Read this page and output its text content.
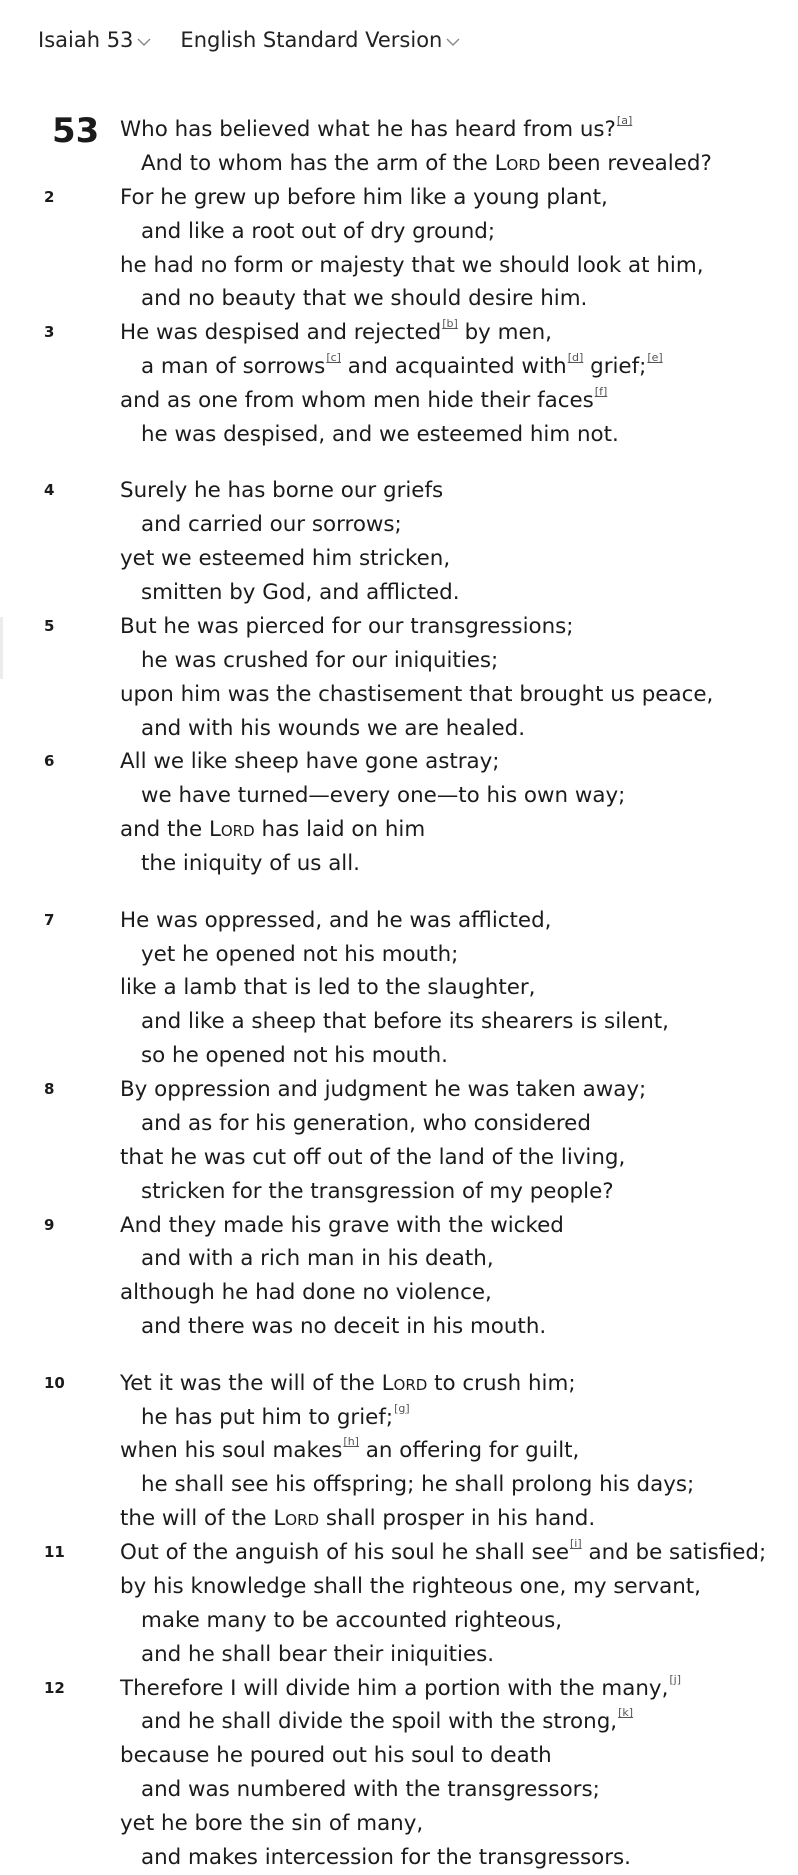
Isaiah 53 English Standard Version
53 Who has believed what he has heard from us?[a]
And to whom has the arm of the Lord been revealed?
2	For he grew up before him like a young plant,
and like a root out of dry ground;
he had no form or majesty that we should look at him,
and no beauty that we should desire him.
3	He was despised and rejected[b] by men,
a man of sorrows[c] and acquainted with[d] grief;[e]
and as one from whom men hide their faces[f]
he was despised, and we esteemed him not.
4	Surely he has borne our griefs
and carried our sorrows;
yet we esteemed him stricken,
smitten by God, and afflicted.
5	But he was pierced for our transgressions;
he was crushed for our iniquities;
upon him was the chastisement that brought us peace,
and with his wounds we are healed.
6	All we like sheep have gone astray;
we have turned—every one—to his own way;
and the Lord has laid on him
the iniquity of us all.
7	He was oppressed, and he was afflicted,
yet he opened not his mouth;
like a lamb that is led to the slaughter,
and like a sheep that before its shearers is silent,
so he opened not his mouth.
8	By oppression and judgment he was taken away;
and as for his generation, who considered
that he was cut off out of the land of the living,
stricken for the transgression of my people?
9	And they made his grave with the wicked
and with a rich man in his death,
although he had done no violence,
and there was no deceit in his mouth.
10	Yet it was the will of the Lord to crush him;
he has put him to grief;[g]
when his soul makes[h] an offering for guilt,
he shall see his offspring; he shall prolong his days;
the will of the Lord shall prosper in his hand.
11	Out of the anguish of his soul he shall see[i] and be satisfied;
by his knowledge shall the righteous one, my servant,
make many to be accounted righteous,
and he shall bear their iniquities.
12	Therefore I will divide him a portion with the many,[j]
and he shall divide the spoil with the strong,[k]
because he poured out his soul to death
and was numbered with the transgressors;
yet he bore the sin of many,
and makes intercession for the transgressors.
